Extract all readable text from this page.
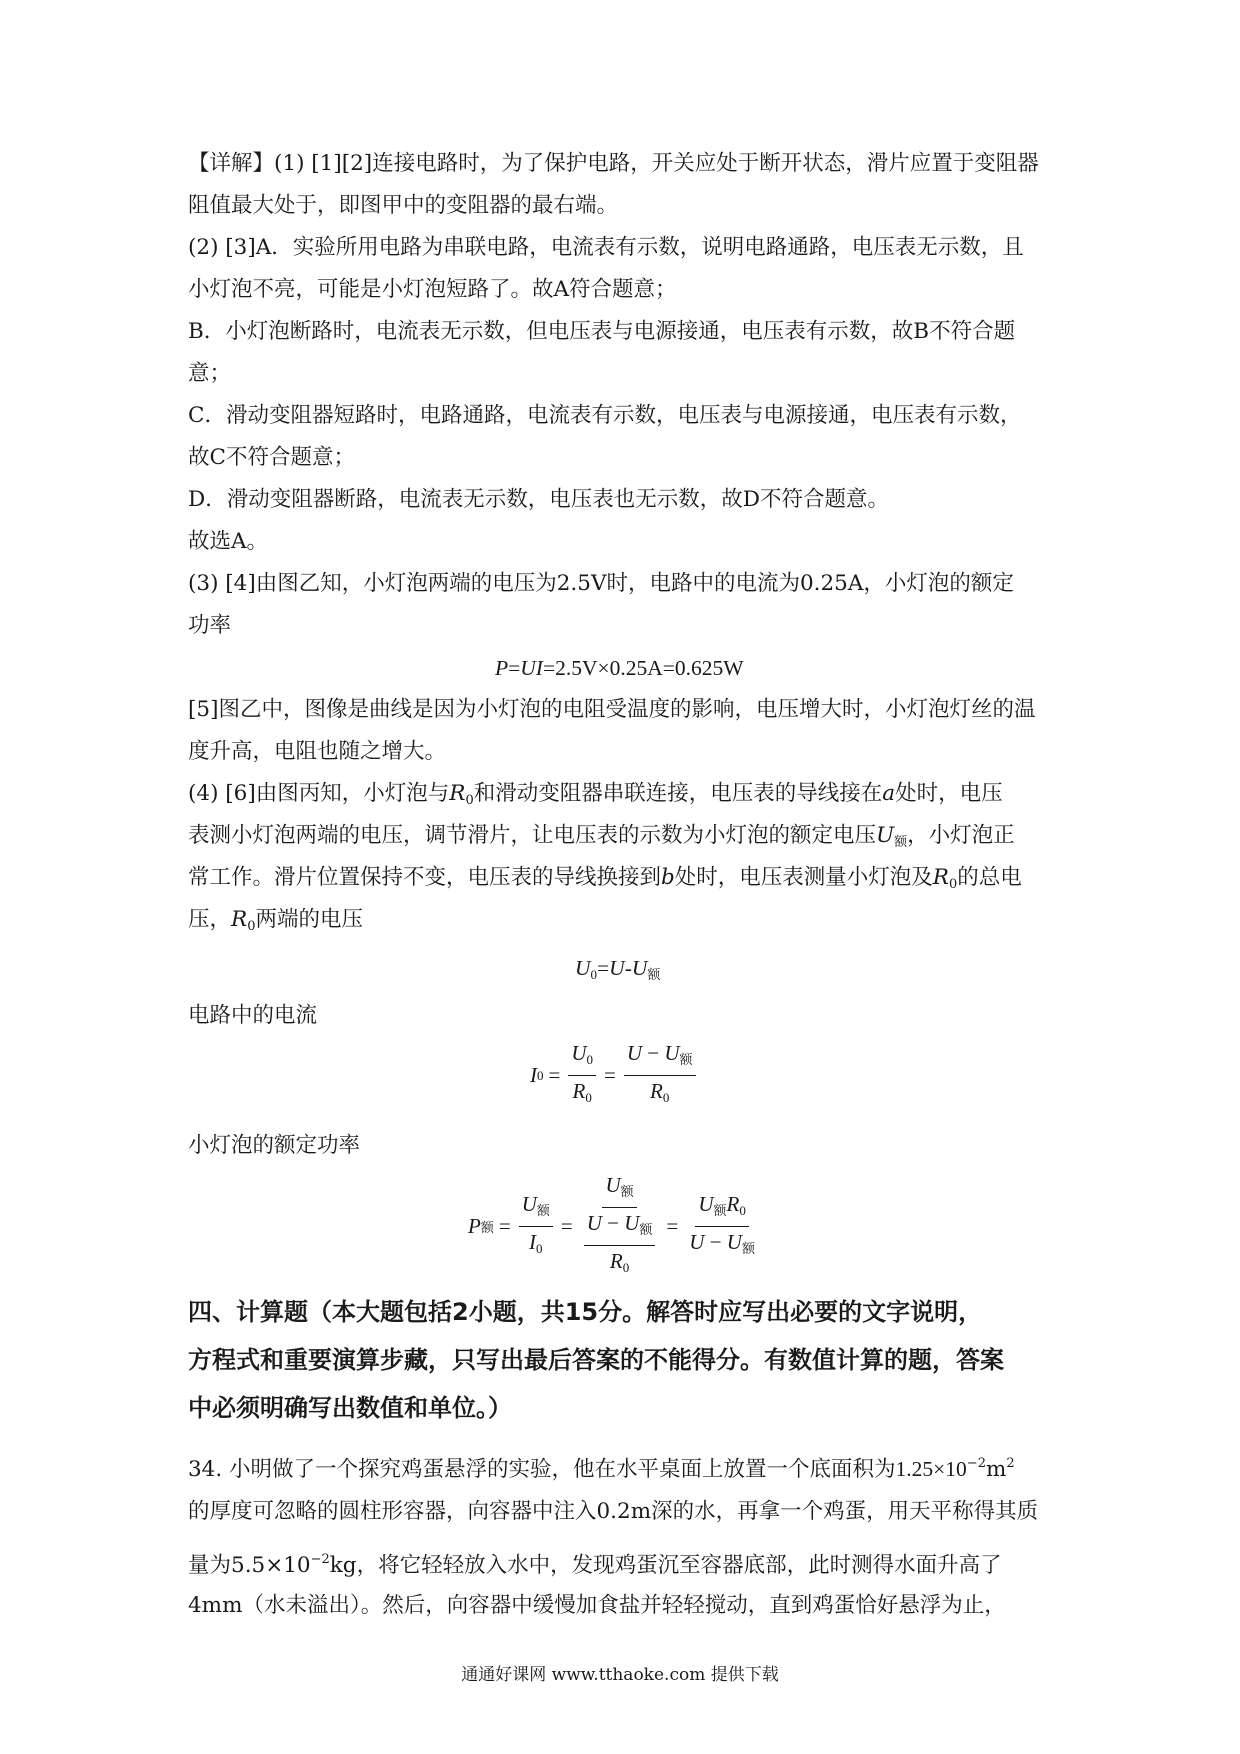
【详解】(1) [1][2]连接电路时，为了保护电路，开关应处于断开状态，滑片应置于变阻器
阻值最大处于，即图甲中的变阻器的最右端。
(2) [3]A．实验所用电路为串联电路，电流表有示数，说明电路通路，电压表无示数，且
小灯泡不亮，可能是小灯泡短路了。故A符合题意；
B．小灯泡断路时，电流表无示数，但电压表与电源接通，电压表有示数，故B不符合题
意；
C．滑动变阻器短路时，电路通路，电流表有示数，电压表与电源接通，电压表有示数，
故C不符合题意；
D．滑动变阻器断路，电流表无示数，电压表也无示数，故D不符合题意。
故选A。
(3) [4]由图乙知，小灯泡两端的电压为2.5V时，电路中的电流为0.25A，小灯泡的额定
功率
P=UI=2.5V×0.25A=0.625W
[5]图乙中，图像是曲线是因为小灯泡的电阻受温度的影响，电压增大时，小灯泡灯丝的温
度升高，电阻也随之增大。
(4) [6]由图丙知，小灯泡与$R_0$和滑动变阻器串联连接，电压表的导线接在a处时，电压
表测小灯泡两端的电压，调节滑片，让电压表的示数为小灯泡的额定电压$U_额$，小灯泡正
常工作。滑片位置保持不变，电压表的导线换接到b处时，电压表测量小灯泡及$R_0$的总电
压，$R_0$两端的电压
$U_0=U-U_额$
电路中的电流
I $0 = \frac{U_0}{R_0} = \frac{U - U_额}{R_0}$
小灯泡的额定功率
P 额 = $\frac{U_额}{I_0} = \frac{U_额}{\frac{U - U_额}{R_0}} = \frac{U_额R_0}{U - U_额}$
四、计算题（本大题包括2小题，共15分。解答时应写出必要的文字说明，
方程式和重要演算步藏，只写出最后答案的不能得分。有数值计算的题，答案
中必须明确写出数值和单位。）
34. 小明做了一个探究鸡蛋悬浮的实验，他在水平桌面上放置一个底面积为$1.25\times 10^{-2}m^2$
的厚度可忽略的圆柱形容器，向容器中注入0.2m深的水，再拿一个鸡蛋，用天平称得其质
量为$5.5\times 10^{-2}kg$，将它轻轻放入水中，发现鸡蛋沉至容器底部，此时测得水面升高了
4mm（水未溢出）。然后，向容器中缓慢加食盐并轻轻搅动，直到鸡蛋恰好悬浮为止，
通通好课网 www.tthaoke.com 提供下载
